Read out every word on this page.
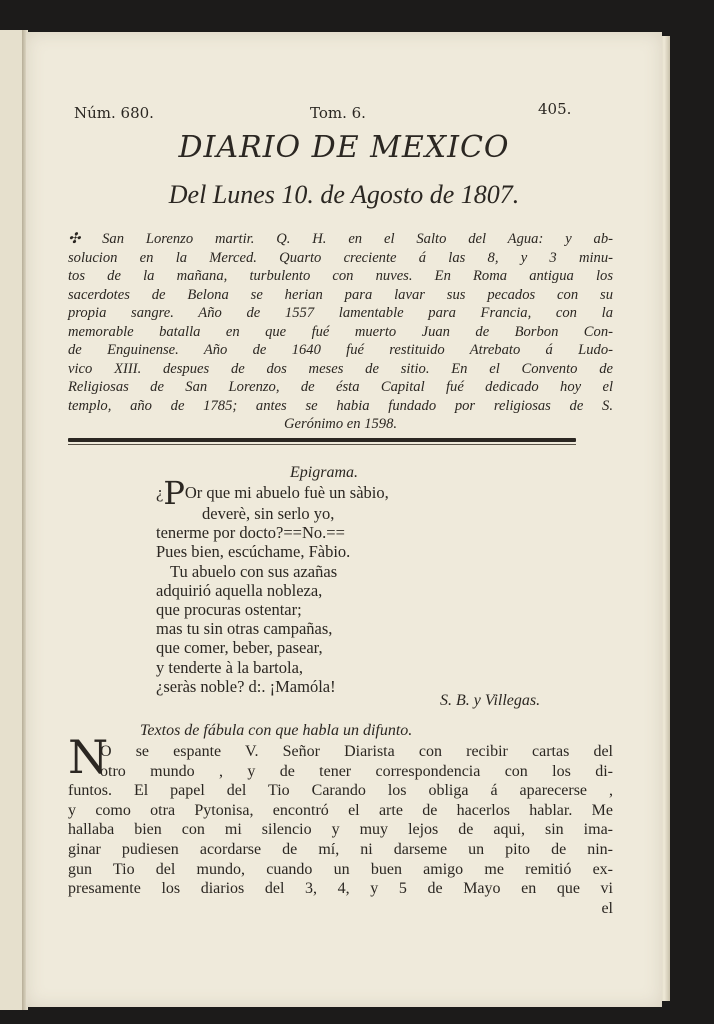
Núm. 680.	Tom. 6.	405.
DIARIO DE MEXICO
Del Lunes 10. de Agosto de 1807.
✣ San Lorenzo martir. Q. H. en el Salto del Agua: y ab-
solucion en la Merced. Quarto creciente á las 8, y 3 minu-
tos de la mañana, turbulento con nuves. En Roma antigua los
sacerdotes de Belona se herian para lavar sus pecados con su
propia sangre. Año de 1557 lamentable para Francia, con la
memorable batalla en que fué muerto Juan de Borbon Con-
de Enguinense. Año de 1640 fué restituido Atrebato á Ludo-
vico XIII. despues de dos meses de sitio. En el Convento de
Religiosas de San Lorenzo, de ésta Capital fué dedicado hoy el
templo, año de 1785; antes se habia fundado por religiosas de S.
Gerónimo en 1598.
Epigrama.
¿POr que mi abuelo fuè un sàbio,
deverè, sin serlo yo,
tenerme por docto?==No.==
Pues bien, escúchame, Fàbio.
Tu abuelo con sus azañas
adquirió aquella nobleza,
que procuras ostentar;
mas tu sin otras campañas,
que comer, beber, pasear,
y tenderte à la bartola,
¿seràs noble? d:. ¡Mamóla!
S. B. y Villegas.
Textos de fábula con que habla un difunto.
N
O se espante V. Señor Diarista con recibir cartas del
otro mundo , y de tener correspondencia con los di-
funtos. El papel del Tio Carando los obliga á aparecerse ,
y como otra Pytonisa, encontró el arte de hacerlos hablar. Me
hallaba bien con mi silencio y muy lejos de aqui, sin ima-
ginar pudiesen acordarse de mí, ni darseme un pito de nin-
gun Tio del mundo, cuando un buen amigo me remitió ex-
presamente los diarios del 3, 4, y 5 de Mayo en que vi
el
